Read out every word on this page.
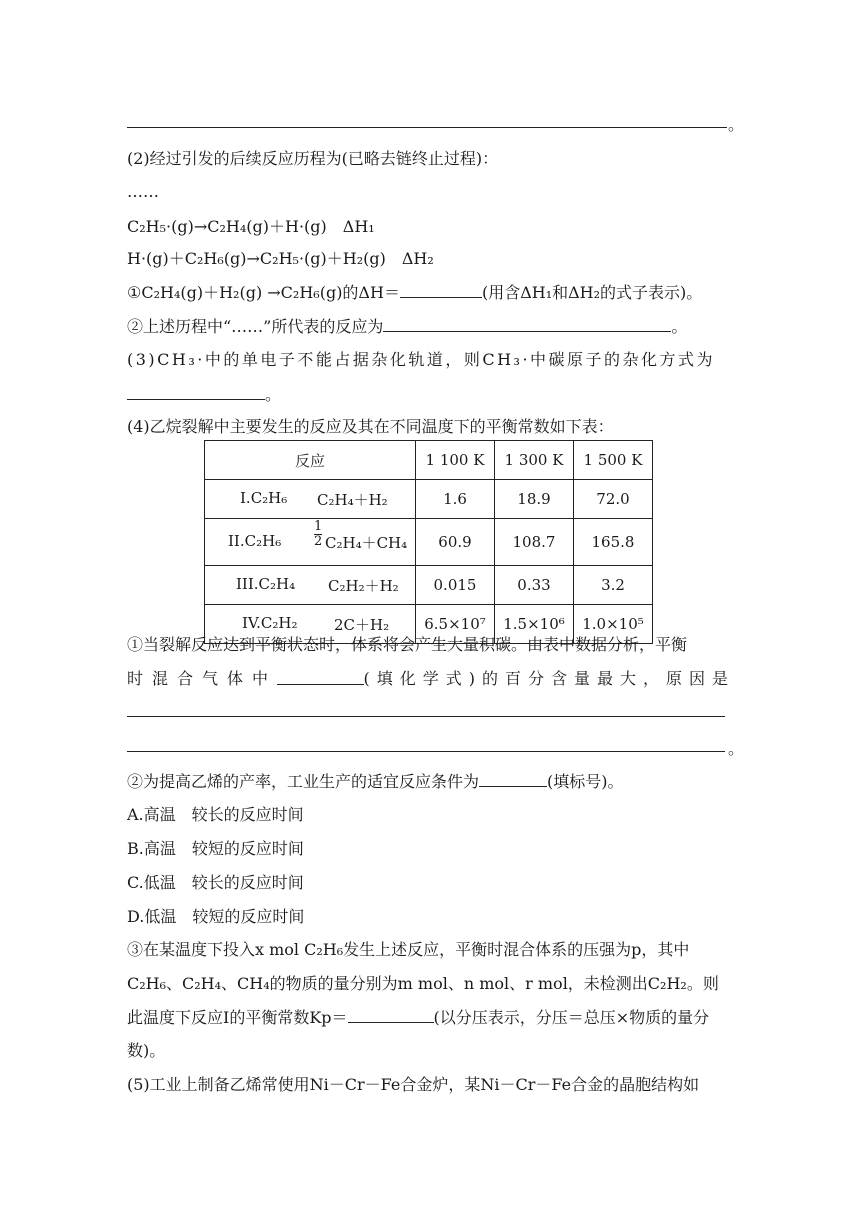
。
(2)经过引发的后续反应历程为(已略去链终止过程)：
……
C₂H₅·(g)→C₂H₄(g)＋H·(g)  ΔH₁
H·(g)＋C₂H₆(g)→C₂H₅·(g)＋H₂(g)  ΔH₂
①C₂H₄(g)＋H₂(g) →C₂H₆(g)的ΔH＝	(用含ΔH₁和ΔH₂的式子表示)。
②上述历程中“……”所代表的反应为	。
(3)CH₃·中的单电子不能占据杂化轨道，则CH₃·中碳原子的杂化方式为
。
(4)乙烷裂解中主要发生的反应及其在不同温度下的平衡常数如下表：
反应	1 100 K	1 300 K	1 500 K

I.C₂H₆ C₂H₄＋H₂	1.6	18.9	72.0

$II.C_2H_6 \frac{1}{2} C_2H_4+CH_4$	60.9	108.7	165.8

III.C₂H₄ C₂H₂＋H₂	0.015	0.33	3.2

IV.C₂H₂ 2C＋H₂	6.5×10⁷	1.5×10⁶	1.0×10⁵
①当裂解反应达到平衡状态时，体系将会产生大量积碳。由表中数据分析，平衡
时混合气体中	(填化学式)的百分含量最大，原因是
。
②为提高乙烯的产率，工业生产的适宜反应条件为	(填标号)。
A.高温　较长的反应时间
B.高温　较短的反应时间
C.低温　较长的反应时间
D.低温　较短的反应时间
③在某温度下投入x mol C₂H₆发生上述反应，平衡时混合体系的压强为p，其中
C₂H₆、C₂H₄、CH₄的物质的量分别为m mol、n mol、r mol，未检测出C₂H₂。则
此温度下反应I的平衡常数Kp＝	(以分压表示，分压＝总压×物质的量分
数)。
(5)工业上制备乙烯常使用Ni－Cr－Fe合金炉，某Ni－Cr－Fe合金的晶胞结构如
